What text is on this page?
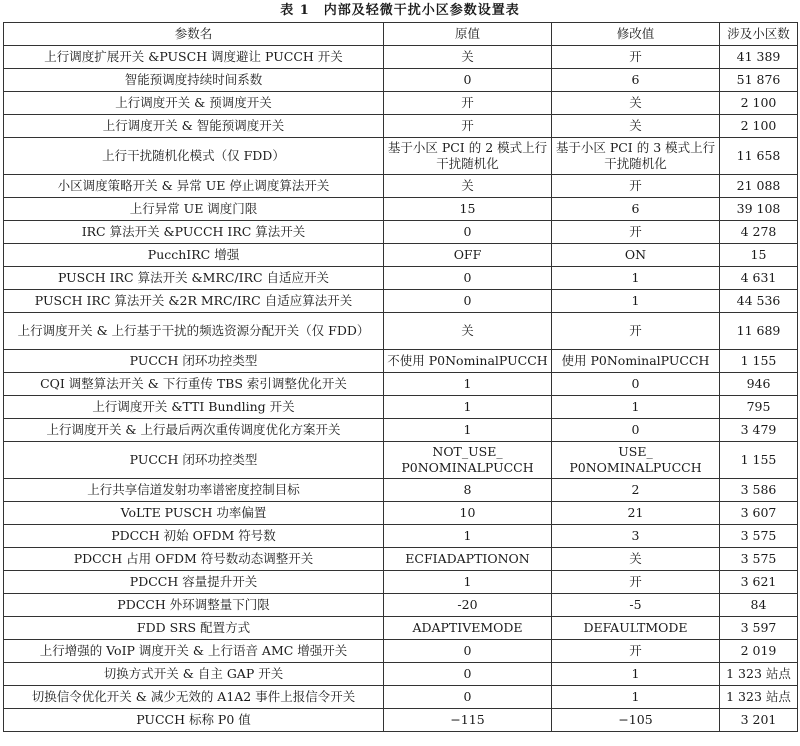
表 1　内部及轻微干扰小区参数设置表
参数名	原值	修改值	涉及小区数
上行调度扩展开关 &PUSCH 调度避让 PUCCH 开关	关	开	41 389
智能预调度持续时间系数	0	6	51 876
上行调度开关 & 预调度开关	开	关	2 100
上行调度开关 & 智能预调度开关	开	关	2 100
上行干扰随机化模式（仅 FDD）	基于小区 PCI 的 2 模式上行干扰随机化	基于小区 PCI 的 3 模式上行干扰随机化	11 658
小区调度策略开关 & 异常 UE 停止调度算法开关	关	开	21 088
上行异常 UE 调度门限	15	6	39 108
IRC 算法开关 &PUCCH IRC 算法开关	0	开	4 278
PucchIRC 增强	OFF	ON	15
PUSCH IRC 算法开关 &MRC/IRC 自适应开关	0	1	4 631
PUSCH IRC 算法开关 &2R MRC/IRC 自适应算法开关	0	1	44 536
上行调度开关 & 上行基于干扰的频选资源分配开关（仅 FDD）	关	开	11 689
PUCCH 闭环功控类型	不使用 P0NominalPUCCH	使用 P0NominalPUCCH	1 155
CQI 调整算法开关 & 下行重传 TBS 索引调整优化开关	1	0	946
上行调度开关 &TTI Bundling 开关	1	1	795
上行调度开关 & 上行最后两次重传调度优化方案开关	1	0	3 479
PUCCH 闭环功控类型	NOT_USE_ P0NOMINALPUCCH	USE_ P0NOMINALPUCCH	1 155
上行共享信道发射功率谱密度控制目标	8	2	3 586
VoLTE PUSCH 功率偏置	10	21	3 607
PDCCH 初始 OFDM 符号数	1	3	3 575
PDCCH 占用 OFDM 符号数动态调整开关	ECFIADAPTIONON	关	3 575
PDCCH 容量提升开关	1	开	3 621
PDCCH 外环调整量下门限	-20	-5	84
FDD SRS 配置方式	ADAPTIVEMODE	DEFAULTMODE	3 597
上行增强的 VoIP 调度开关 & 上行语音 AMC 增强开关	0	开	2 019
切换方式开关 & 自主 GAP 开关	0	1	1 323 站点
切换信令优化开关 & 减少无效的 A1A2 事件上报信令开关	0	1	1 323 站点
PUCCH 标称 P0 值	−115	−105	3 201
